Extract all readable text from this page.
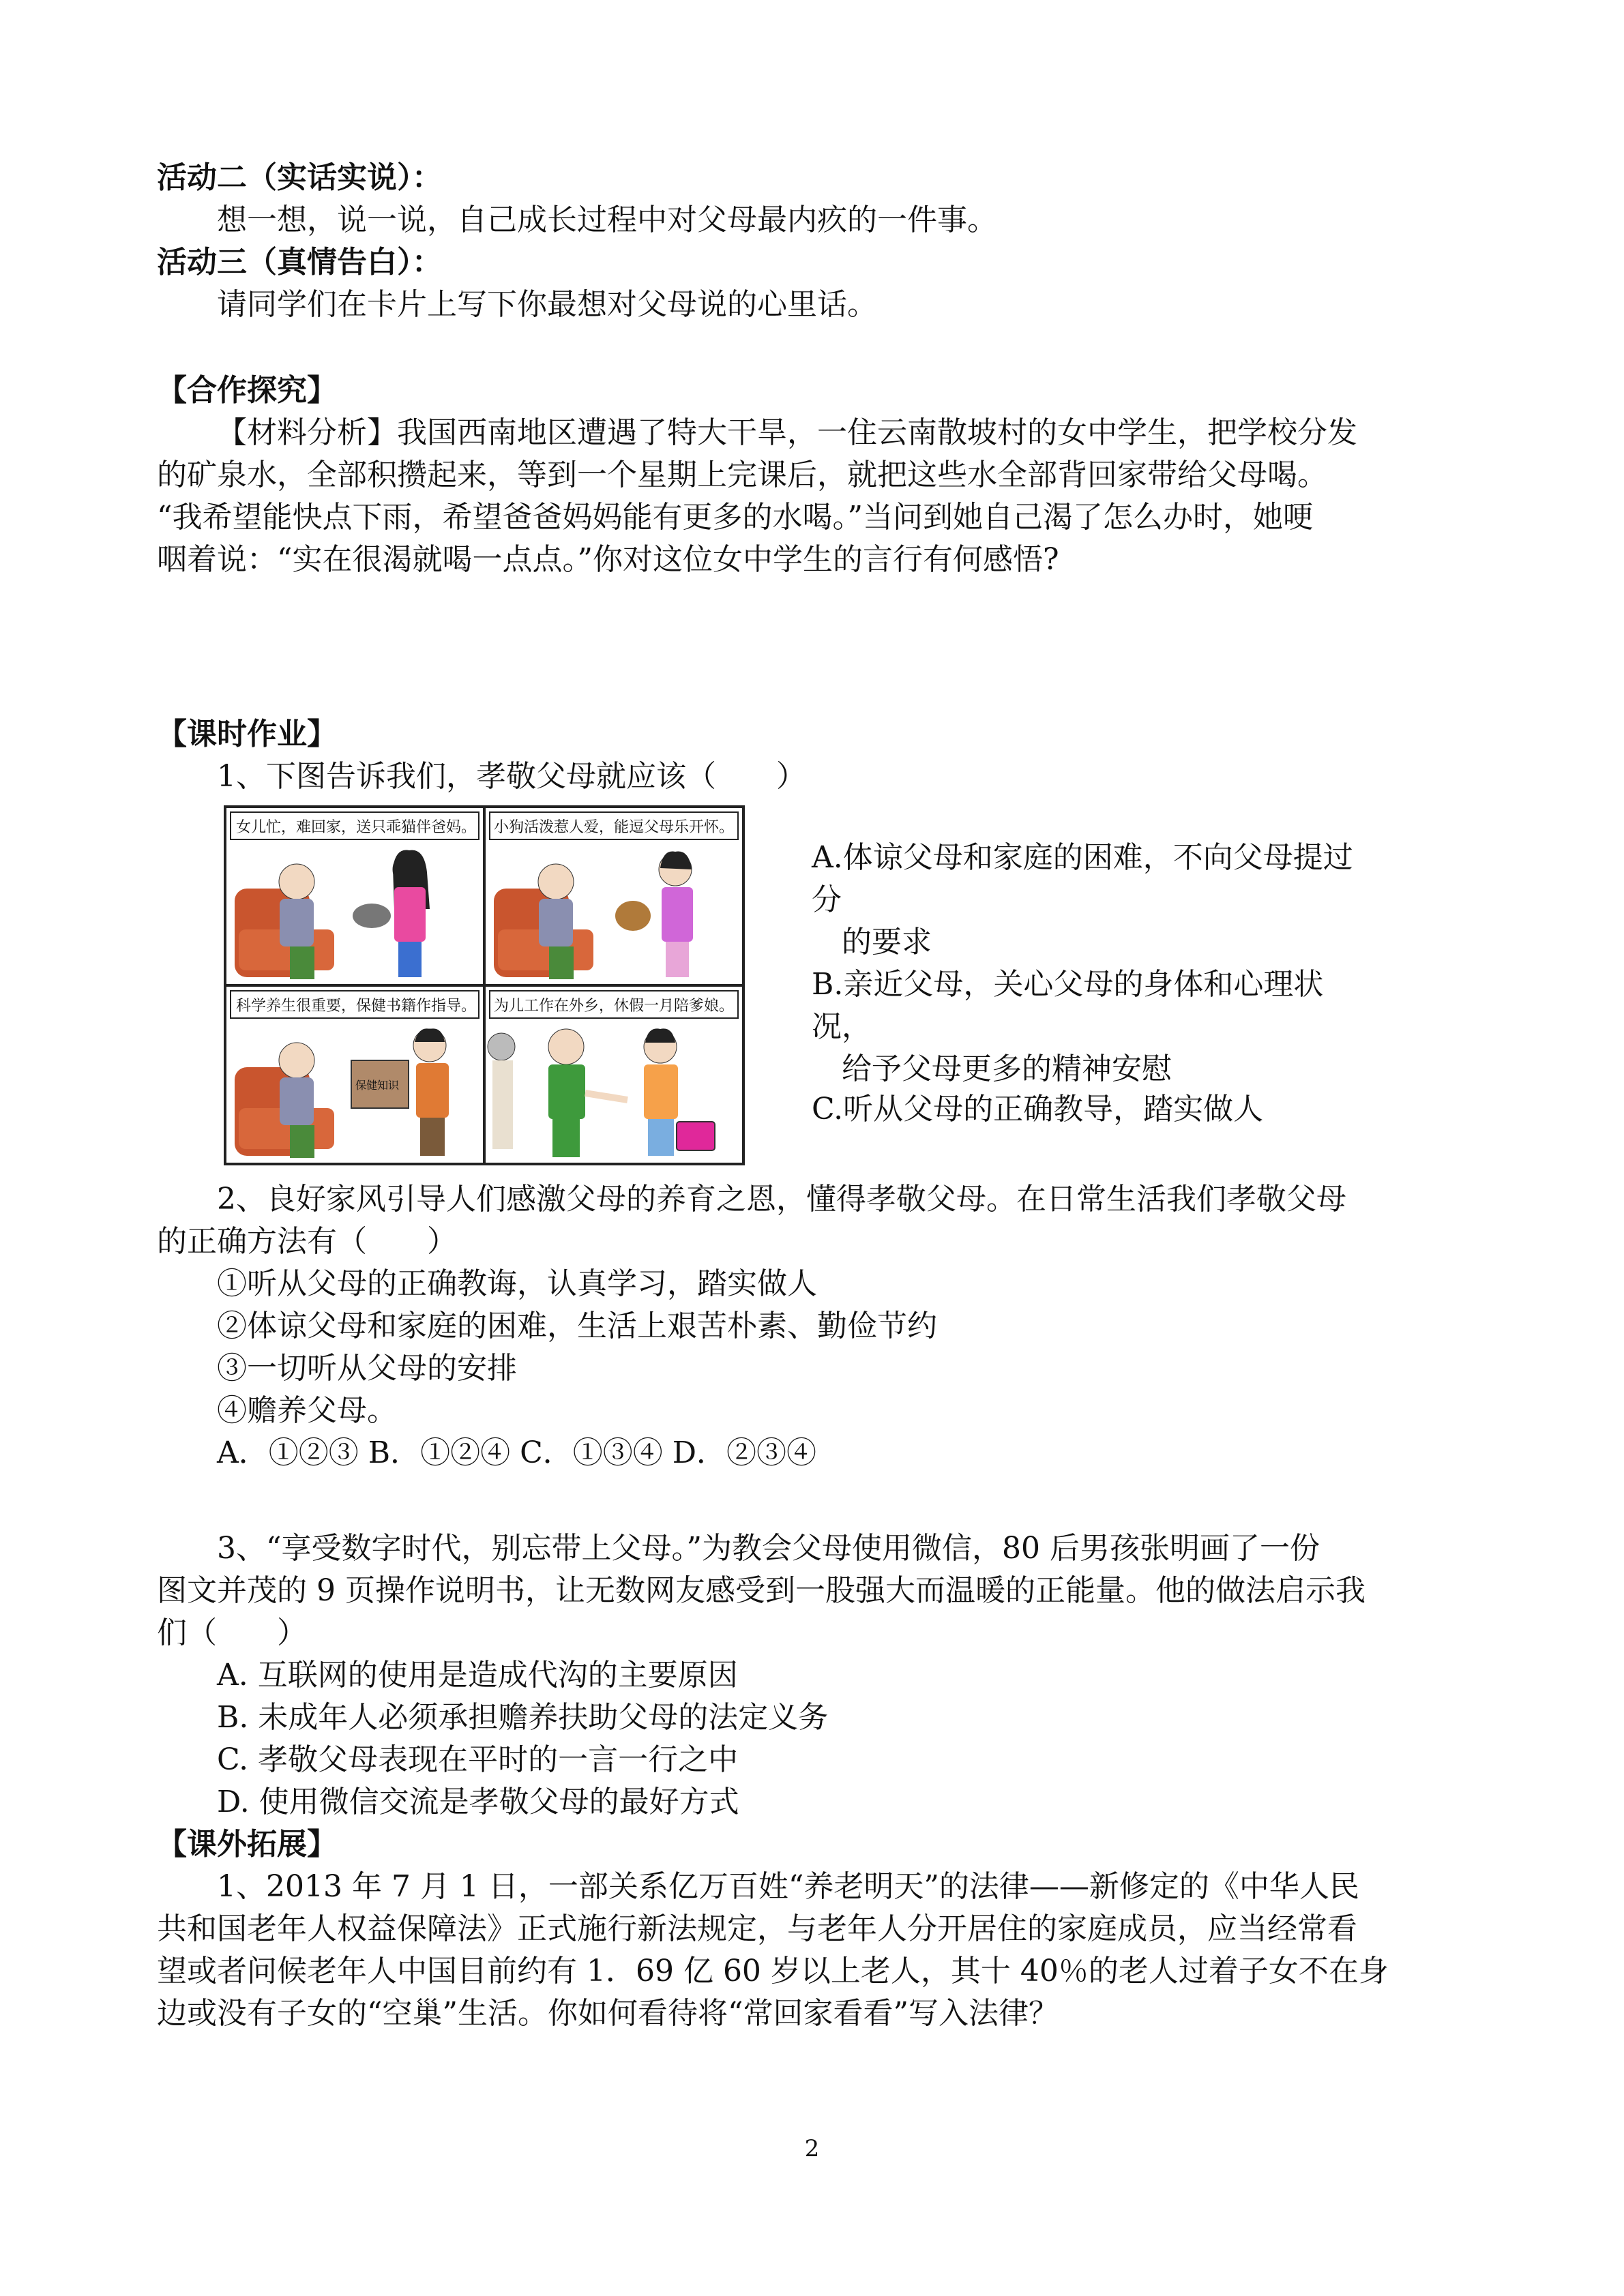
活动二（实话实说）：
想一想，说一说，自己成长过程中对父母最内疚的一件事。
活动三（真情告白）：
请同学们在卡片上写下你最想对父母说的心里话。
【合作探究】
【材料分析】我国西南地区遭遇了特大干旱，一住云南散坡村的女中学生，把学校分发
的矿泉水，全部积攒起来，等到一个星期上完课后，就把这些水全部背回家带给父母喝。
“我希望能快点下雨，希望爸爸妈妈能有更多的水喝。”当问到她自己渴了怎么办时，她哽
咽着说：“实在很渴就喝一点点。”你对这位女中学生的言行有何感悟?
【课时作业】
1、下图告诉我们，孝敬父母就应该（　　）
女儿忙，难回家，送只乖猫伴爸妈。 小狗活泼惹人爱，能逗父母乐开怀。
科学养生很重要，保健书籍作指导。
保健知识
为儿工作在外乡，休假一月陪爹娘。
A.体谅父母和家庭的困难，不向父母提过
分
　的要求
B.亲近父母，关心父母的身体和心理状
况，
　给予父母更多的精神安慰
C.听从父母的正确教导，踏实做人
2、良好家风引导人们感激父母的养育之恩，懂得孝敬父母。在日常生活我们孝敬父母
的正确方法有（　　）
①听从父母的正确教诲，认真学习，踏实做人
②体谅父母和家庭的困难，生活上艰苦朴素、勤俭节约
③一切听从父母的安排
④赡养父母。
A．①②③ B．①②④ C．①③④ D．②③④
3、“享受数字时代，别忘带上父母。”为教会父母使用微信，80 后男孩张明画了一份
图文并茂的 9 页操作说明书，让无数网友感受到一股强大而温暖的正能量。他的做法启示我
们（　　）
A. 互联网的使用是造成代沟的主要原因
B. 未成年人必须承担赡养扶助父母的法定义务
C. 孝敬父母表现在平时的一言一行之中
D. 使用微信交流是孝敬父母的最好方式
【课外拓展】
1、2013 年 7 月 1 日，一部关系亿万百姓“养老明天”的法律——新修定的《中华人民
共和国老年人权益保障法》正式施行新法规定，与老年人分开居住的家庭成员，应当经常看
望或者问候老年人中国目前约有 1．69 亿 60 岁以上老人，其十 40％的老人过着子女不在身
边或没有子女的“空巢”生活。你如何看待将“常回家看看”写入法律？
2
